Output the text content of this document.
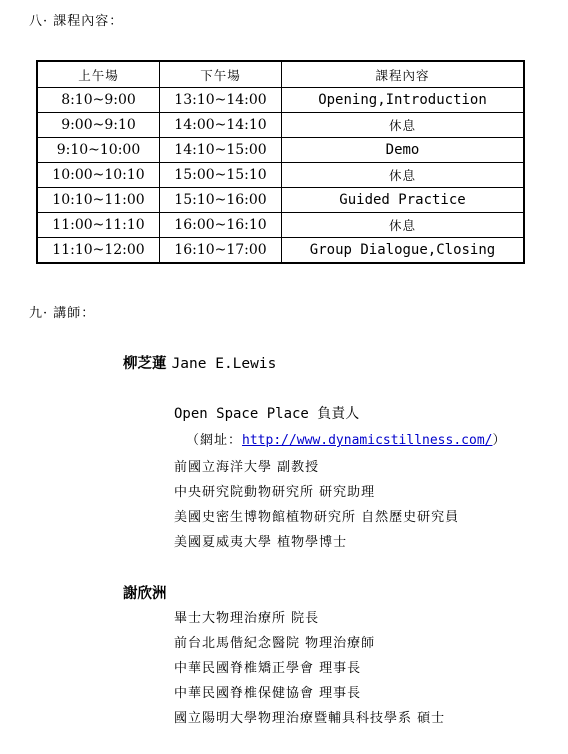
八· 課程內容：
上午場	下午場	課程內容
8:10~9:00	13:10~14:00	Opening,Introduction
9:00~9:10	14:00~14:10	休息
9:10~10:00	14:10~15:00	Demo
10:00~10:10	15:00~15:10	休息
10:10~11:00	15:10~16:00	Guided Practice
11:00~11:10	16:00~16:10	休息
11:10~12:00	16:10~17:00	Group Dialogue,Closing
九· 講師：
柳芝蓮 Jane E.Lewis
Open Space Place 負責人
（網址：http://www.dynamicstillness.com/）
前國立海洋大學 副教授
中央研究院動物研究所 研究助理
美國史密生博物館植物研究所 自然歷史研究員
美國夏威夷大學 植物學博士
謝欣洲
畢士大物理治療所 院長
前台北馬偕紀念醫院 物理治療師
中華民國脊椎矯正學會 理事長
中華民國脊椎保健協會 理事長
國立陽明大學物理治療暨輔具科技學系 碩士
